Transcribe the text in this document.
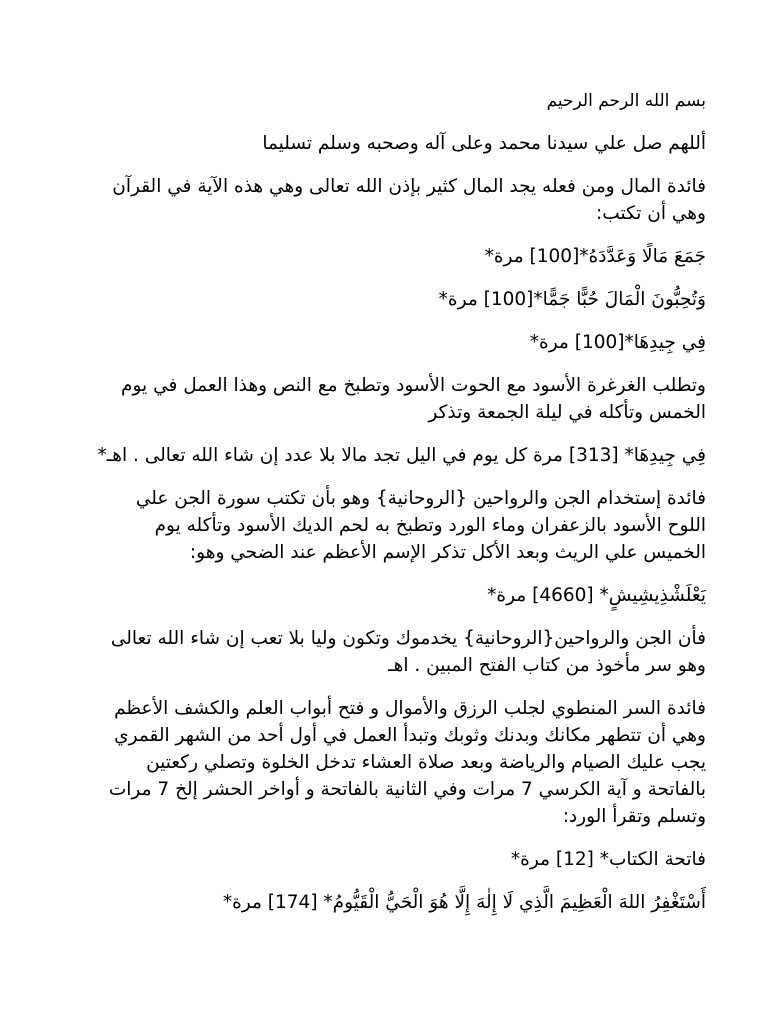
بسم الله الرحم الرحيم

أللهم صل علي سيدنا محمد وعلى آله وصحبه وسلم تسليما

فائدة المال ومن فعله يجد المال كثير بإذن الله تعالى وهي هذه الآية في القرآن وهي أن تكتب:

جَمَعَ مَالًا وَعَدَّدَهُ*[100] مرة*

وَتُحِبُّونَ الْمَالَ حُبًّا جَمًّا*[100] مرة*

فِي جِيدِهَا*[100] مرة*

وتطلب الغرغرة الأسود مع الحوت الأسود وتطبخ مع النص وهذا العمل في يوم الخمس وتأكله في ليلة الجمعة وتذكر

فِي جِيدِهَا* [313] مرة كل يوم في اليل تجد مالا بلا عدد إن شاء الله تعالى . اهـ*

فائدة إستخدام الجن والرواحين {الروحانية} وهو بأن تكتب سورة الجن علي اللوح الأسود بالزعفران وماء الورد وتطبخ به لحم الديك الأسود وتأكله يوم الخميس علي الريث وبعد الأكل تذكر الإسم الأعظم عند الضحي وهو:

يَعْلَشْذِيشِيشٍ* [4660] مرة*

فأن الجن والرواحين{الروحانية} يخدموك وتكون وليا بلا تعب إن شاء الله تعالى وهو سر مأخوذ من كتاب الفتح المبين . اهـ

فائدة السر المنطوي لجلب الرزق والأموال و فتح أبواب العلم والكشف الأعظم وهي أن تتطهر مكانك وبدنك وثوبك وتبدأ العمل في أول أحد من الشهر القمري يجب عليك الصيام والرياضة وبعد صلاة العشاء تدخل الخلوة وتصلي ركعتين بالفاتحة و آية الكرسي 7 مرات وفي الثانية بالفاتحة و أواخر الحشر إلخ 7 مرات وتسلم وتقرأ الورد:

فاتحة الكتاب* [12] مرة*

أَسْتَغْفِرُ اللهَ الْعَظِيمَ الَّذِي لَا إِلٰهَ إِلَّا هُوَ الْحَيُّ الْقَيُّومُ* [174] مرة*
